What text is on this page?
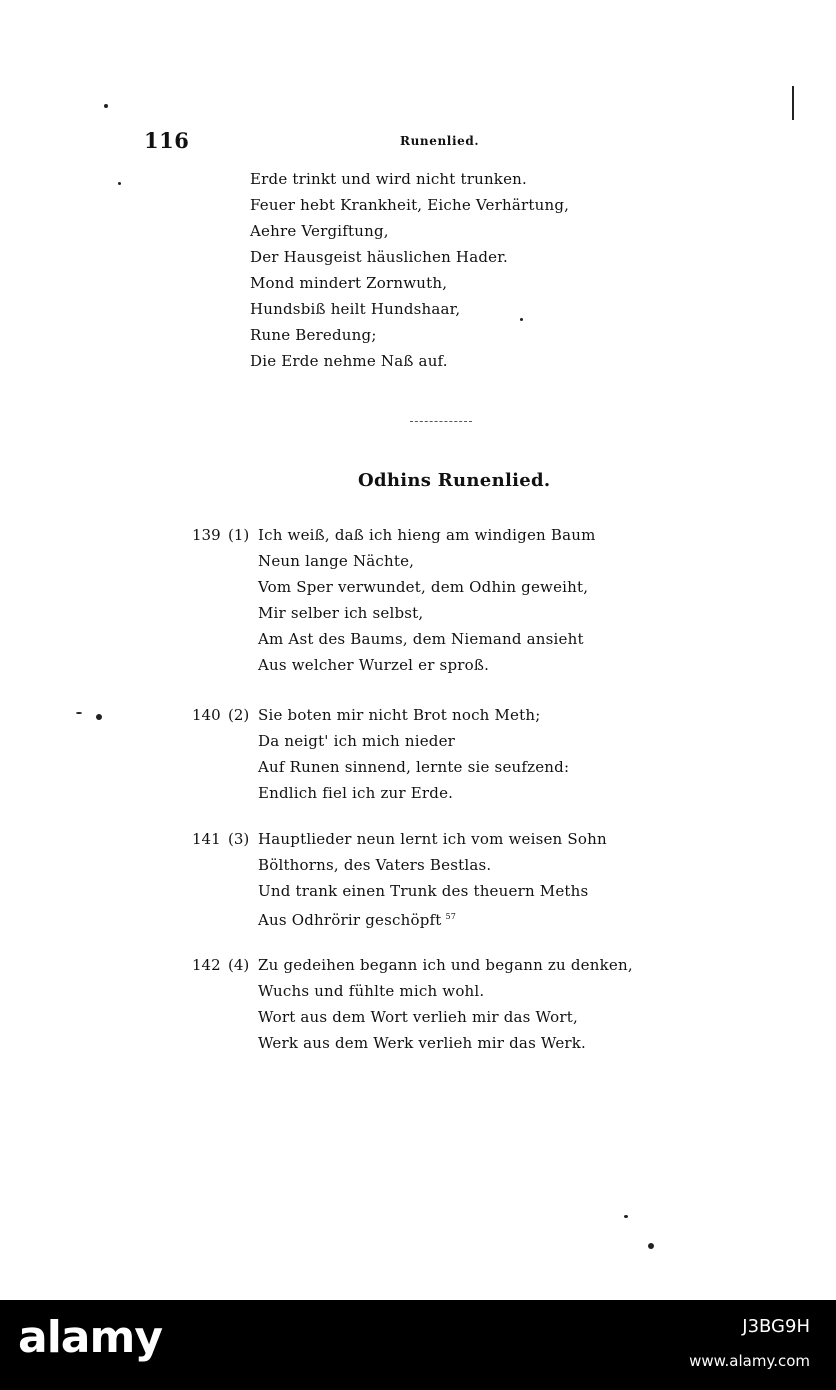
116	Runenlied.
Erde trinkt und wird nicht trunken.
Feuer hebt Krankheit, Eiche Verhärtung,
Aehre Vergiftung,
Der Hausgeist häuslichen Hader.
Mond mindert Zornwuth,
Hundsbiß heilt Hundshaar,
Rune Beredung;
Die Erde nehme Naß auf.
Odhins Runenlied.
139 (1) Ich weiß, daß ich hieng am windigen Baum
Neun lange Nächte,
Vom Sper verwundet, dem Odhin geweiht,
Mir selber ich selbst,
Am Ast des Baums, dem Niemand ansieht
Aus welcher Wurzel er sproß.
140 (2) Sie boten mir nicht Brot noch Meth;
Da neigt' ich mich nieder
Auf Runen sinnend, lernte sie seufzend:
Endlich fiel ich zur Erde.
141 (3) Hauptlieder neun lernt ich vom weisen Sohn
Bölthorns, des Vaters Bestlas.
Und trank einen Trunk des theuern Meths
Aus Odhrörir geschöpft $^{57}$
142 (4) Zu gedeihen begann ich und begann zu denken,
Wuchs und fühlte mich wohl.
Wort aus dem Wort verlieh mir das Wort,
Werk aus dem Werk verlieh mir das Werk.
alamy	J3BG9H
www.alamy.com
